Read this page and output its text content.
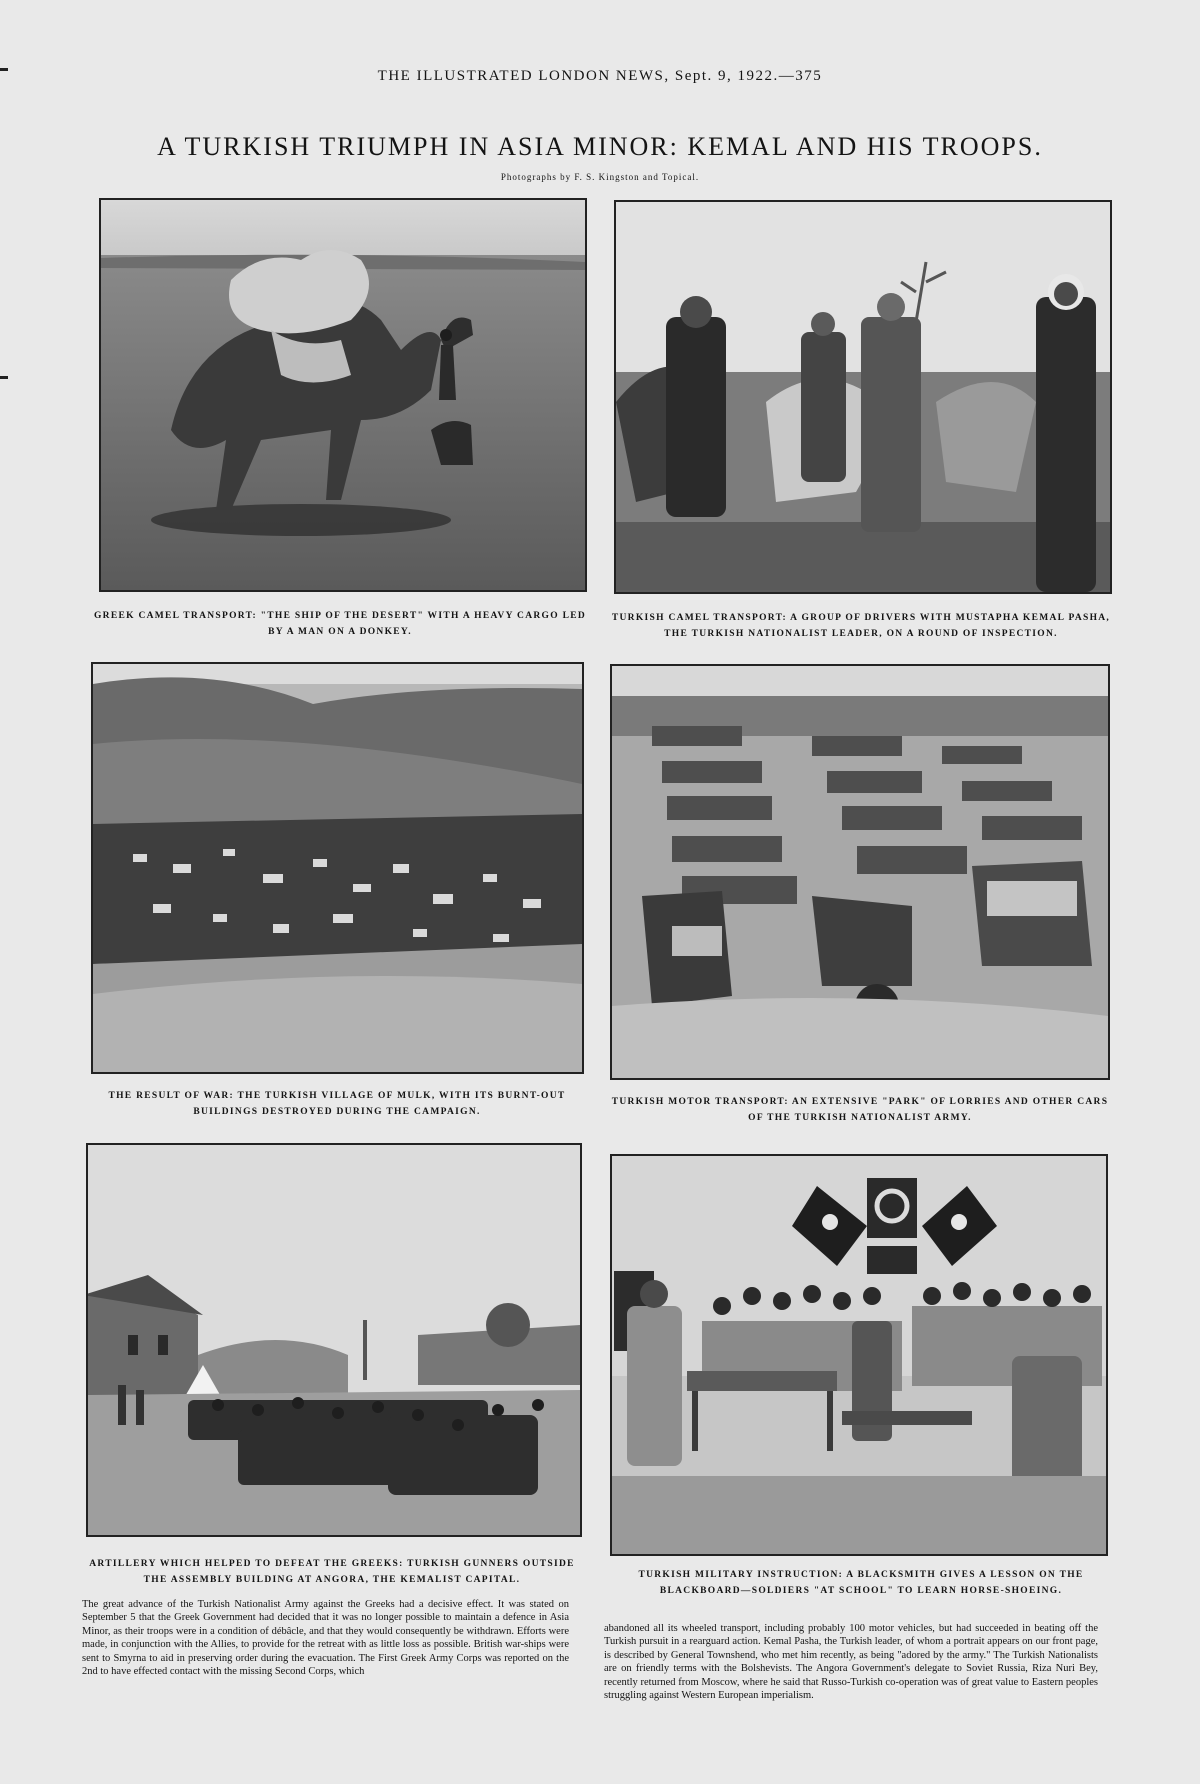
THE ILLUSTRATED LONDON NEWS, Sept. 9, 1922.—375
A TURKISH TRIUMPH IN ASIA MINOR: KEMAL AND HIS TROOPS.
Photographs by F. S. Kingston and Topical.
GREEK CAMEL TRANSPORT: "THE SHIP OF THE DESERT" WITH A HEAVY CARGO LED BY A MAN ON A DONKEY.
TURKISH CAMEL TRANSPORT: A GROUP OF DRIVERS WITH MUSTAPHA KEMAL PASHA, THE TURKISH NATIONALIST LEADER, ON A ROUND OF INSPECTION.
THE RESULT OF WAR: THE TURKISH VILLAGE OF MULK, WITH ITS BURNT-OUT BUILDINGS DESTROYED DURING THE CAMPAIGN.
TURKISH MOTOR TRANSPORT: AN EXTENSIVE "PARK" OF LORRIES AND OTHER CARS OF THE TURKISH NATIONALIST ARMY.
ARTILLERY WHICH HELPED TO DEFEAT THE GREEKS: TURKISH GUNNERS OUTSIDE THE ASSEMBLY BUILDING AT ANGORA, THE KEMALIST CAPITAL.	TURKISH MILITARY INSTRUCTION: A BLACKSMITH GIVES A LESSON ON THE BLACKBOARD—SOLDIERS "AT SCHOOL" TO LEARN HORSE-SHOEING.
The great advance of the Turkish Nationalist Army against the Greeks had a decisive effect. It was stated on September 5 that the Greek Government had decided that it was no longer possible to maintain a defence in Asia Minor, as their troops were in a condition of débâcle, and that they would consequently be withdrawn. Efforts were made, in conjunction with the Allies, to provide for the retreat with as little loss as possible. British war-ships were sent to Smyrna to aid in preserving order during the evacuation. The First Greek Army Corps was reported on the 2nd to have effected contact with the missing Second Corps, which
abandoned all its wheeled transport, including probably 100 motor vehicles, but had succeeded in beating off the Turkish pursuit in a rearguard action. Kemal Pasha, the Turkish leader, of whom a portrait appears on our front page, is described by General Townshend, who met him recently, as being "adored by the army." The Turkish Nationalists are on friendly terms with the Bolshevists. The Angora Government's delegate to Soviet Russia, Riza Nuri Bey, recently returned from Moscow, where he said that Russo-Turkish co-operation was of great value to Eastern peoples struggling against Western European imperialism.
